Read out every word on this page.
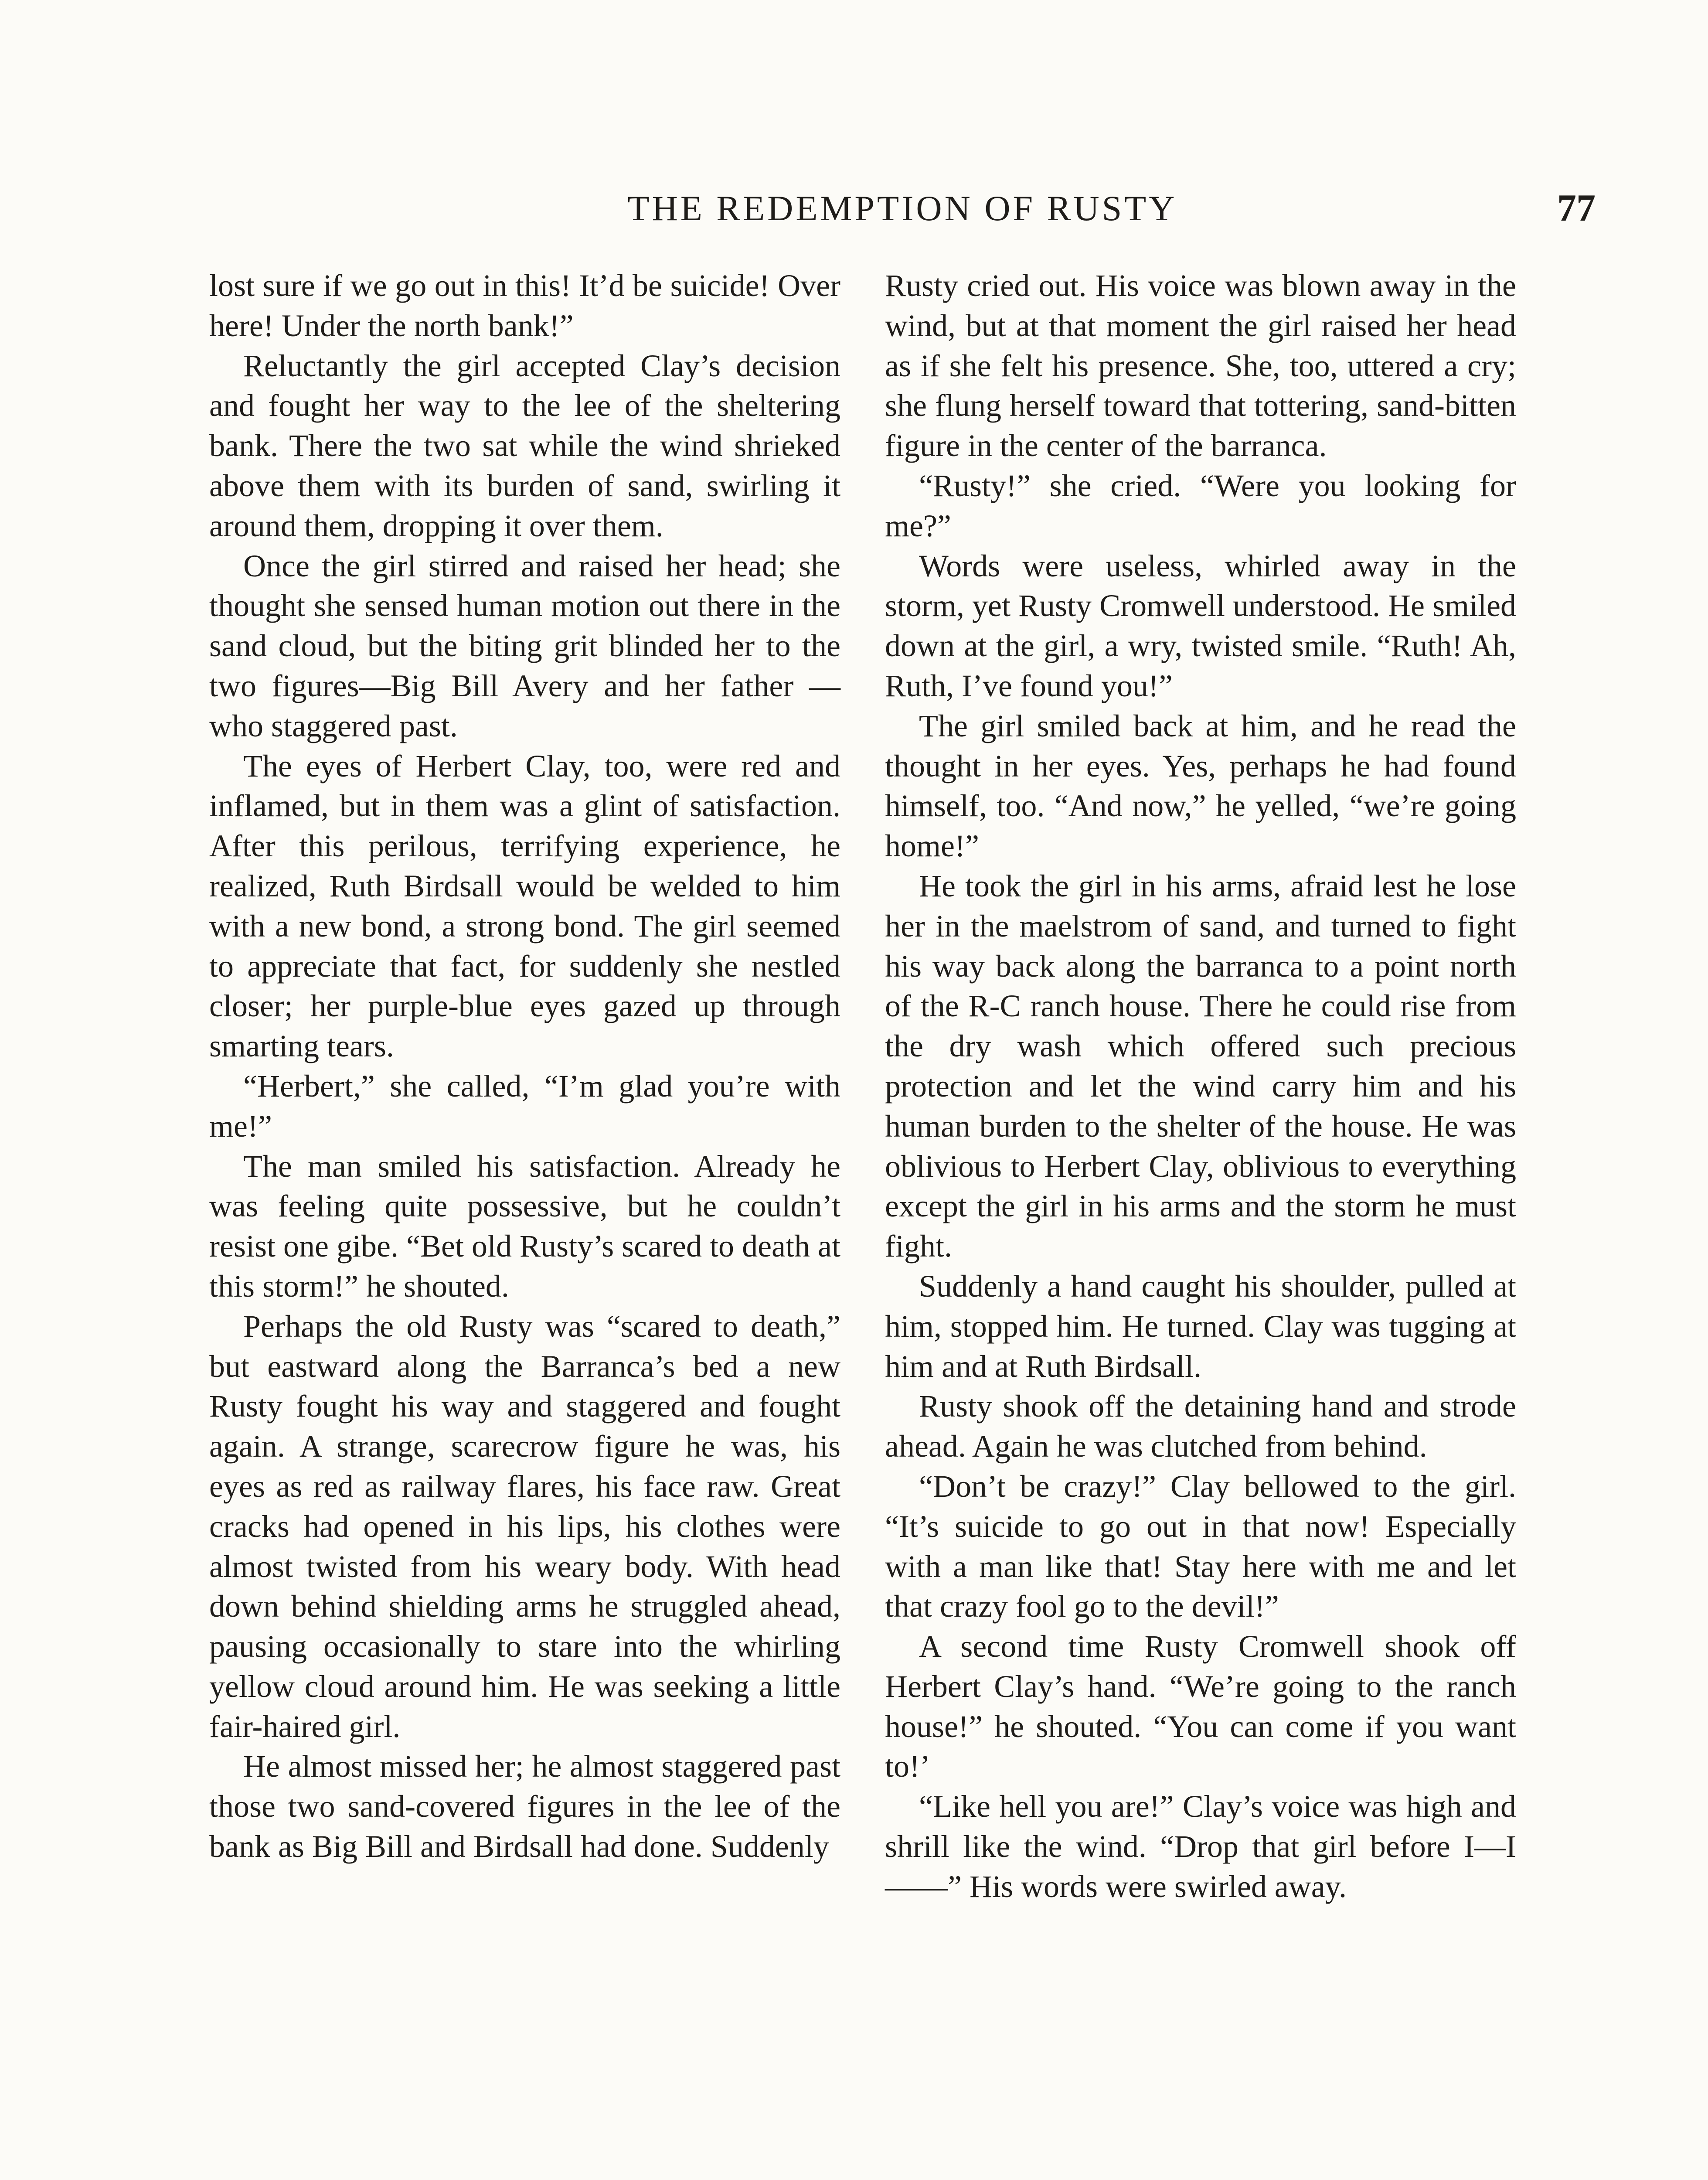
THE REDEMPTION OF RUSTY	77

lost sure if we go out in this! It’d be suicide! Over here! Under the north bank!”

Reluctantly the girl accepted Clay’s decision and fought her way to the lee of the sheltering bank. There the two sat while the wind shrieked above them with its burden of sand, swirling it around them, dropping it over them.

Once the girl stirred and raised her head; she thought she sensed human motion out there in the sand cloud, but the biting grit blinded her to the two figures—Big Bill Avery and her father —who staggered past.

The eyes of Herbert Clay, too, were red and inflamed, but in them was a glint of satisfaction. After this perilous, terrifying experience, he realized, Ruth Birdsall would be welded to him with a new bond, a strong bond. The girl seemed to appreciate that fact, for suddenly she nestled closer; her purple-blue eyes gazed up through smarting tears.

“Herbert,” she called, “I’m glad you’re with me!”

The man smiled his satisfaction. Already he was feeling quite possessive, but he couldn’t resist one gibe. “Bet old Rusty’s scared to death at this storm!” he shouted.

Perhaps the old Rusty was “scared to death,” but eastward along the Barranca’s bed a new Rusty fought his way and staggered and fought again. A strange, scarecrow figure he was, his eyes as red as railway flares, his face raw. Great cracks had opened in his lips, his clothes were almost twisted from his weary body. With head down behind shielding arms he struggled ahead, pausing occasionally to stare into the whirling yellow cloud around him. He was seeking a little fair-haired girl.

He almost missed her; he almost staggered past those two sand-covered figures in the lee of the bank as Big Bill and Birdsall had done. Suddenly

Rusty cried out. His voice was blown away in the wind, but at that moment the girl raised her head as if she felt his presence. She, too, uttered a cry; she flung herself toward that tottering, sand-bitten figure in the center of the barranca.

“Rusty!” she cried. “Were you looking for me?”

Words were useless, whirled away in the storm, yet Rusty Cromwell understood. He smiled down at the girl, a wry, twisted smile. “Ruth! Ah, Ruth, I’ve found you!”

The girl smiled back at him, and he read the thought in her eyes. Yes, perhaps he had found himself, too. “And now,” he yelled, “we’re going home!”

He took the girl in his arms, afraid lest he lose her in the maelstrom of sand, and turned to fight his way back along the barranca to a point north of the R-C ranch house. There he could rise from the dry wash which offered such precious protection and let the wind carry him and his human burden to the shelter of the house. He was oblivious to Herbert Clay, oblivious to everything except the girl in his arms and the storm he must fight.

Suddenly a hand caught his shoulder, pulled at him, stopped him. He turned. Clay was tugging at him and at Ruth Birdsall.

Rusty shook off the detaining hand and strode ahead. Again he was clutched from behind.

“Don’t be crazy!” Clay bellowed to the girl. “It’s suicide to go out in that now! Especially with a man like that! Stay here with me and let that crazy fool go to the devil!”

A second time Rusty Cromwell shook off Herbert Clay’s hand. “We’re going to the ranch house!” he shouted. “You can come if you want to!’

“Like hell you are!” Clay’s voice was high and shrill like the wind. “Drop that girl before I—I——” His words were swirled away.
